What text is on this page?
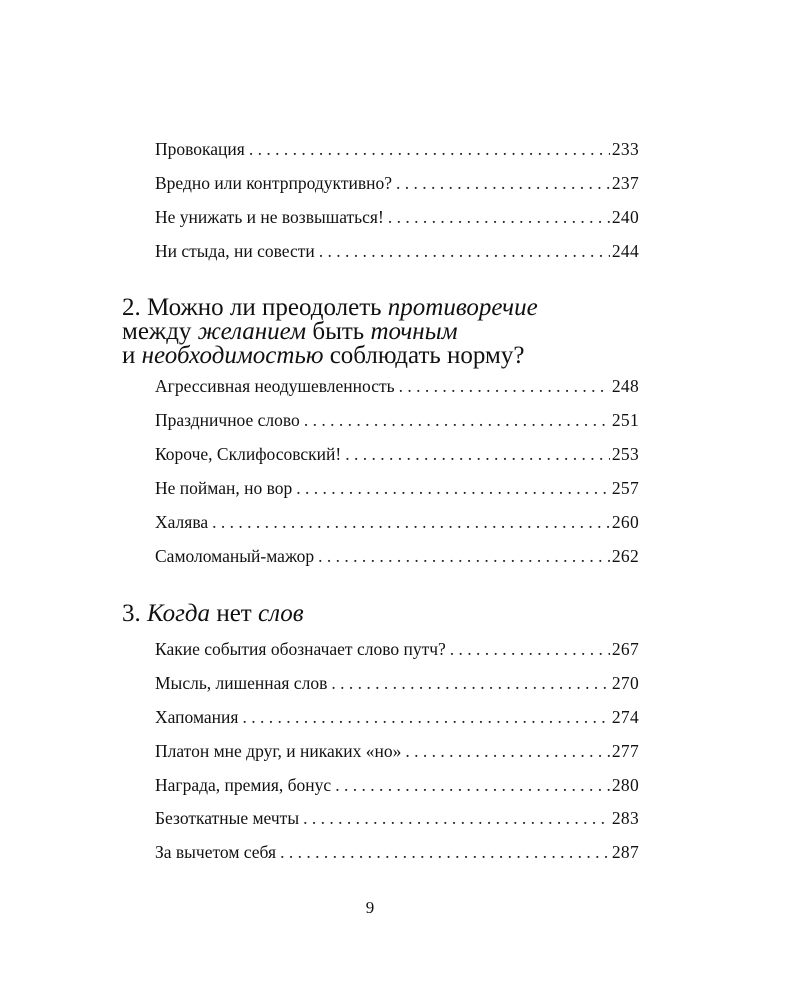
Провокация . . .	233
Вредно или контрпродуктивно? . . .	237
Не унижать и не возвышаться! . . .	240
Ни стыда, ни совести . . .	244
2. Можно ли преодолеть противоречие
между желанием быть точным
и необходимостью соблюдать норму?
Агрессивная неодушевленность . . .	248
Праздничное слово . . .	251
Короче, Склифосовский! . . .	253
Не пойман, но вор . . .	257
Халява . . .	260
Самоломаный-мажор . . .	262
3. Когда нет слов
Какие события обозначает слово путч? . . .	267
Мысль, лишенная слов . . .	270
Хапомания . . .	274
Платон мне друг, и никаких «но» . . .	277
Награда, премия, бонус . . .	280
Безоткатные мечты . . .	283
За вычетом себя . . .	287
9
